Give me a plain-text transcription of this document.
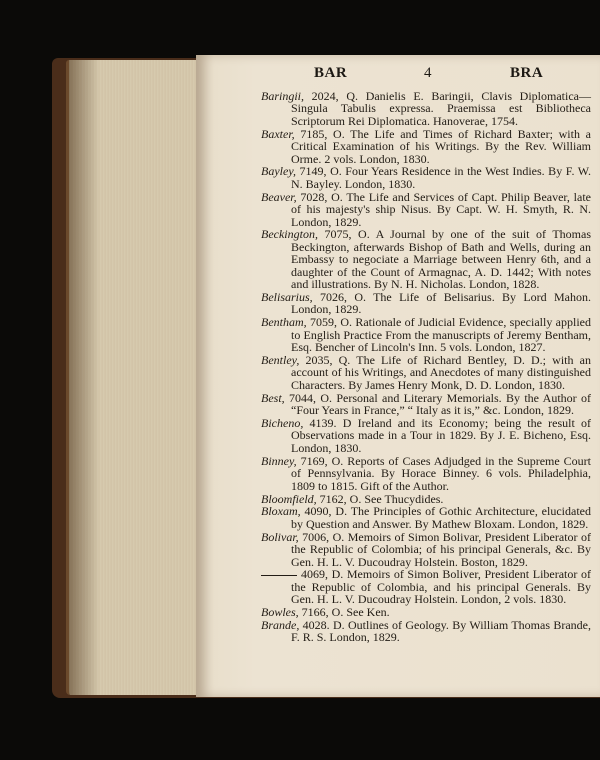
BAR	4	BRA

Baringii, 2024, Q. Danielis E. Baringii, Clavis Diplomatica—Singula Tabulis expressa. Praemissa est Bibliotheca Scriptorum Rei Diplomatica. Hanoverae, 1754.

Baxter, 7185, O. The Life and Times of Richard Baxter; with a Critical Examination of his Writings. By the Rev. William Orme. 2 vols. London, 1830.

Bayley, 7149, O. Four Years Residence in the West Indies. By F. W. N. Bayley. London, 1830.

Beaver, 7028, O. The Life and Services of Capt. Philip Beaver, late of his majesty's ship Nisus. By Capt. W. H. Smyth, R. N. London, 1829.

Beckington, 7075, O. A Journal by one of the suit of Thomas Beckington, afterwards Bishop of Bath and Wells, during an Embassy to negociate a Marriage between Henry 6th, and a daughter of the Count of Armagnac, A. D. 1442; With notes and illustrations. By N. H. Nicholas. London, 1828.

Belisarius, 7026, O. The Life of Belisarius. By Lord Mahon. London, 1829.

Bentham, 7059, O. Rationale of Judicial Evidence, specially applied to English Practice From the manuscripts of Jeremy Bentham, Esq. Bencher of Lincoln's Inn. 5 vols. London, 1827.

Bentley, 2035, Q. The Life of Richard Bentley, D. D.; with an account of his Writings, and Anecdotes of many distinguished Characters. By James Henry Monk, D. D. London, 1830.

Best, 7044, O. Personal and Literary Memorials. By the Author of “Four Years in France,” “ Italy as it is,” &c. London, 1829.

Bicheno, 4139. D Ireland and its Economy; being the result of Observations made in a Tour in 1829. By J. E. Bicheno, Esq. London, 1830.

Binney, 7169, O. Reports of Cases Adjudged in the Supreme Court of Pennsylvania. By Horace Binney. 6 vols. Philadelphia, 1809 to 1815. Gift of the Author.

Bloomfield, 7162, O. See Thucydides.

Bloxam, 4090, D. The Principles of Gothic Architecture, elucidated by Question and Answer. By Mathew Bloxam. London, 1829.

Bolivar, 7006, O. Memoirs of Simon Bolivar, President Liberator of the Republic of Colombia; of his principal Generals, &c. By Gen. H. L. V. Ducoudray Holstein. Boston, 1829.

4069, D. Memoirs of Simon Boliver, President Liberator of the Republic of Colombia, and his principal Generals. By Gen. H. L. V. Ducoudray Holstein. London, 2 vols. 1830.

Bowles, 7166, O. See Ken.

Brande, 4028. D. Outlines of Geology. By William Thomas Brande, F. R. S. London, 1829.
